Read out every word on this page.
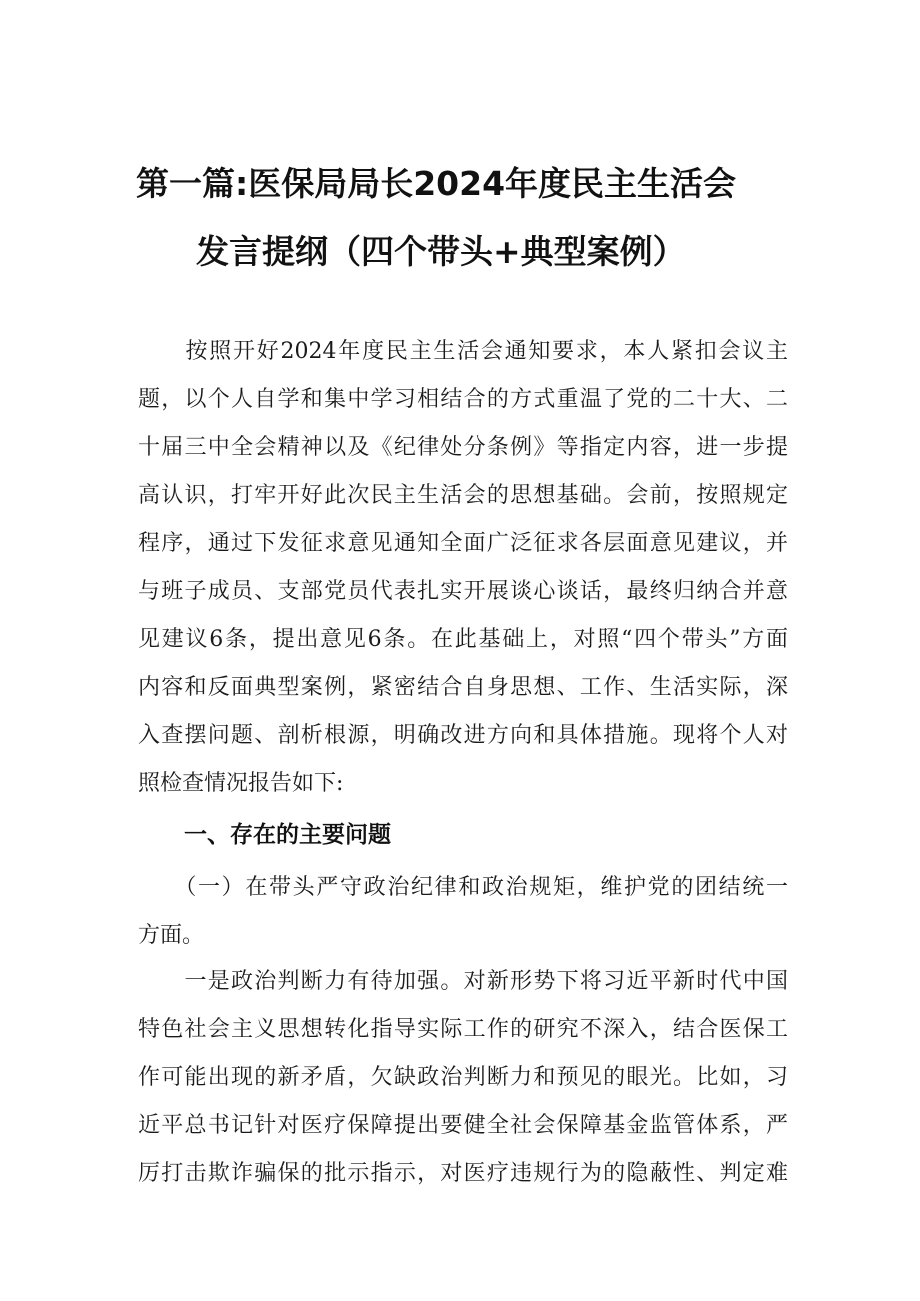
第一篇:医保局局长2024年度民主生活会
发言提纲（四个带头+典型案例）
　　按照开好2024年度民主生活会通知要求，本人紧扣会议主
题，以个人自学和集中学习相结合的方式重温了党的二十大、二
十届三中全会精神以及《纪律处分条例》等指定内容，进一步提
高认识，打牢开好此次民主生活会的思想基础。会前，按照规定
程序，通过下发征求意见通知全面广泛征求各层面意见建议，并
与班子成员、支部党员代表扎实开展谈心谈话，最终归纳合并意
见建议6条，提出意见6条。在此基础上，对照“四个带头”方面
内容和反面典型案例，紧密结合自身思想、工作、生活实际，深
入查摆问题、剖析根源，明确改进方向和具体措施。现将个人对
照检查情况报告如下:
一、存在的主要问题
　　（一）在带头严守政治纪律和政治规矩，维护党的团结统一
方面。
　　一是政治判断力有待加强。对新形势下将习近平新时代中国
特色社会主义思想转化指导实际工作的研究不深入，结合医保工
作可能出现的新矛盾，欠缺政治判断力和预见的眼光。比如，习
近平总书记针对医疗保障提出要健全社会保障基金监管体系，严
厉打击欺诈骗保的批示指示，对医疗违规行为的隐蔽性、判定难
